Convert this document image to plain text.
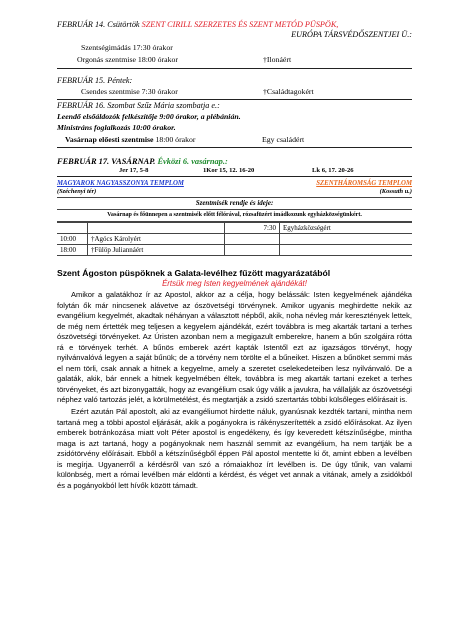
FEBRUÁR 14. Csütörtök SZENT CIRILL SZERZETES ÉS SZENT METÓD PÜSPÖK,
EURÓPA TÁRSVÉDŐSZENTJEI Ü.:
Szentségimádás 17:30 órakor
Orgonás szentmise 18:00 órakor	†Ilonáért
FEBRUÁR 15. Péntek:
Csendes szentmise 7:30 órakor	†Családtagokért
FEBRUÁR 16. Szombat Szűz Mária szombatja e.:
Leendő elsőáldozók felkészítője 9:00 órakor, a plébánián.
Ministráns foglalkozás 10:00 órakor.
Vasárnap előesti szentmise 18:00 órakor	Egy családért
FEBRUÁR 17. VASÁRNAP. Évközi 6. vasárnap.:
Jer 17, 5-8	1Kor 15, 12. 16-20	Lk 6, 17. 20-26
MAGYAROK NAGYASSZONYA TEMPLOM	SZENTHÁROMSÁG TEMPLOM
(Széchenyi tér)	(Kossuth u.)
Szentmisék rendje és ideje:
Vasárnap és főünnepen a szentmisék előtt félórával, rózsafüzért imádkozunk egyházközségünkért.
		7:30	Egyházközségért
10:00	†Agócs Károlyért		
18:00	†Fülöp Juliannáért		
Szent Ágoston püspöknek a Galata-levélhez fűzött magyarázatából
Értsük meg Isten kegyelmének ajándékát!

Amikor a galatákhoz ír az Apostol, akkor az a célja, hogy belássák: Isten kegyelmének ajándéka folytán ők már nincsenek alávetve az ószövetségi törvénynek. Amikor ugyanis meghirdette nekik az evangélium kegyelmét, akadtak néhányan a választott népből, akik, noha névleg már keresztények lettek, de még nem értették meg teljesen a kegyelem ajándékát, ezért továbbra is meg akarták tartani a terhes ószövetségi törvényeket. Az Úristen azonban nem a megigazult emberekre, hanem a bűn szolgáira rótta rá e törvények terhét. A bűnös emberek azért kapták Istentől ezt az igazságos törvényt, hogy nyilvánvalóvá legyen a saját bűnük; de a törvény nem törölte el a bűneiket. Hiszen a bűnöket semmi más el nem törli, csak annak a hitnek a kegyelme, amely a szeretet cselekedeteiben lesz nyilvánvaló. De a galaták, akik, bár ennek a hitnek kegyelmében éltek, továbbra is meg akarták tartani ezeket a terhes törvényeket, és azt bizonygatták, hogy az evangélium csak úgy válik a javukra, ha vállalják az ószövetségi néphez való tartozás jelét, a körülmetélést, és megtartják a zsidó szertartás többi külsőleges előírásait is.

Ezért azután Pál apostolt, aki az evangéliumot hirdette náluk, gyanúsnak kezdték tartani, mintha nem tartaná meg a többi apostol eljárását, akik a pogányokra is rákényszerítették a zsidó előírásokat. Az ilyen emberek botránkozása miatt volt Péter apostol is engedékeny, és így keveredett kétszínűségbe, mintha maga is azt tartaná, hogy a pogányoknak nem használ semmit az evangélium, ha nem tartják be a zsidótörvény előírásait. Ebből a kétszínűségből éppen Pál apostol mentette ki őt, amint ebben a levélben is megírja. Ugyanerről a kérdésről van szó a rómaiakhoz írt levélben is. De úgy tűnik, van valami különbség, mert a római levélben már eldönti a kérdést, és véget vet annak a vitának, amely a zsidókból és a pogányokból lett hívők között támadt.
